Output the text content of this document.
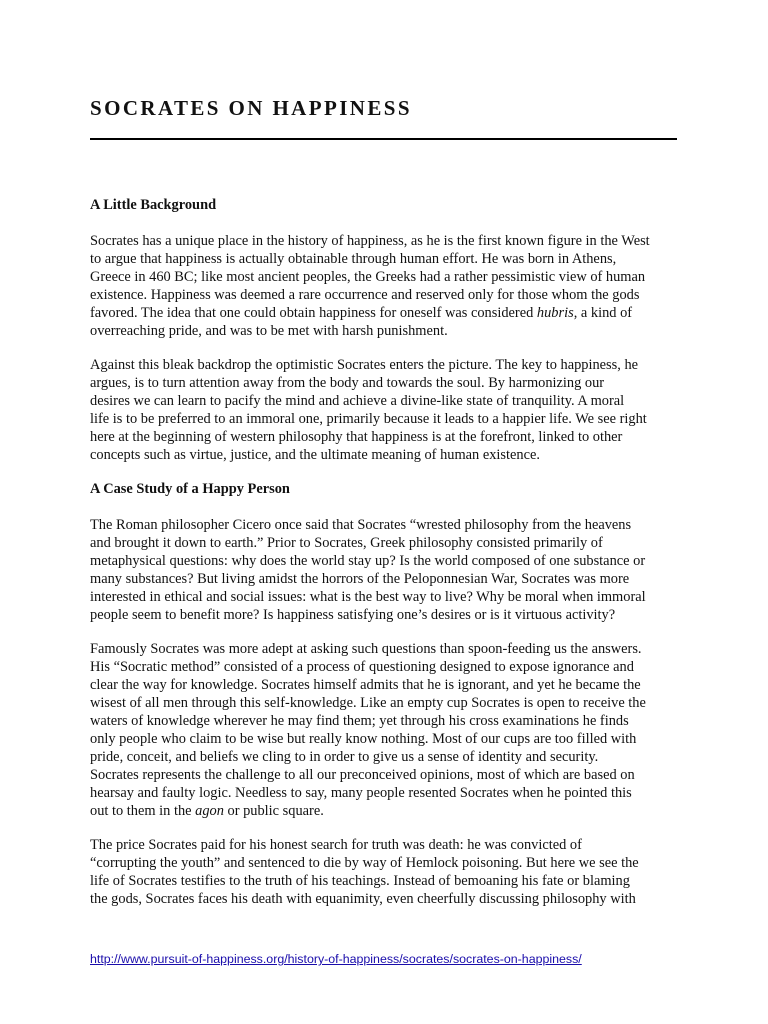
SOCRATES ON HAPPINESS
A Little Background

Socrates has a unique place in the history of happiness, as he is the first known figure in the West
to argue that happiness is actually obtainable through human effort. He was born in Athens,
Greece in 460 BC; like most ancient peoples, the Greeks had a rather pessimistic view of human
existence. Happiness was deemed a rare occurrence and reserved only for those whom the gods
favored. The idea that one could obtain happiness for oneself was considered hubris, a kind of
overreaching pride, and was to be met with harsh punishment.

Against this bleak backdrop the optimistic Socrates enters the picture. The key to happiness, he
argues, is to turn attention away from the body and towards the soul. By harmonizing our
desires we can learn to pacify the mind and achieve a divine-like state of tranquility. A moral
life is to be preferred to an immoral one, primarily because it leads to a happier life. We see right
here at the beginning of western philosophy that happiness is at the forefront, linked to other
concepts such as virtue, justice, and the ultimate meaning of human existence.

A Case Study of a Happy Person

The Roman philosopher Cicero once said that Socrates “wrested philosophy from the heavens
and brought it down to earth.” Prior to Socrates, Greek philosophy consisted primarily of
metaphysical questions: why does the world stay up? Is the world composed of one substance or
many substances? But living amidst the horrors of the Peloponnesian War, Socrates was more
interested in ethical and social issues: what is the best way to live? Why be moral when immoral
people seem to benefit more? Is happiness satisfying one’s desires or is it virtuous activity?

Famously Socrates was more adept at asking such questions than spoon-feeding us the answers.
His “Socratic method” consisted of a process of questioning designed to expose ignorance and
clear the way for knowledge. Socrates himself admits that he is ignorant, and yet he became the
wisest of all men through this self-knowledge. Like an empty cup Socrates is open to receive the
waters of knowledge wherever he may find them; yet through his cross examinations he finds
only people who claim to be wise but really know nothing. Most of our cups are too filled with
pride, conceit, and beliefs we cling to in order to give us a sense of identity and security.
Socrates represents the challenge to all our preconceived opinions, most of which are based on
hearsay and faulty logic. Needless to say, many people resented Socrates when he pointed this
out to them in the agon or public square.

The price Socrates paid for his honest search for truth was death: he was convicted of
“corrupting the youth” and sentenced to die by way of Hemlock poisoning. But here we see the
life of Socrates testifies to the truth of his teachings. Instead of bemoaning his fate or blaming
the gods, Socrates faces his death with equanimity, even cheerfully discussing philosophy with

http://www.pursuit-of-happiness.org/history-of-happiness/socrates/socrates-on-happiness/
